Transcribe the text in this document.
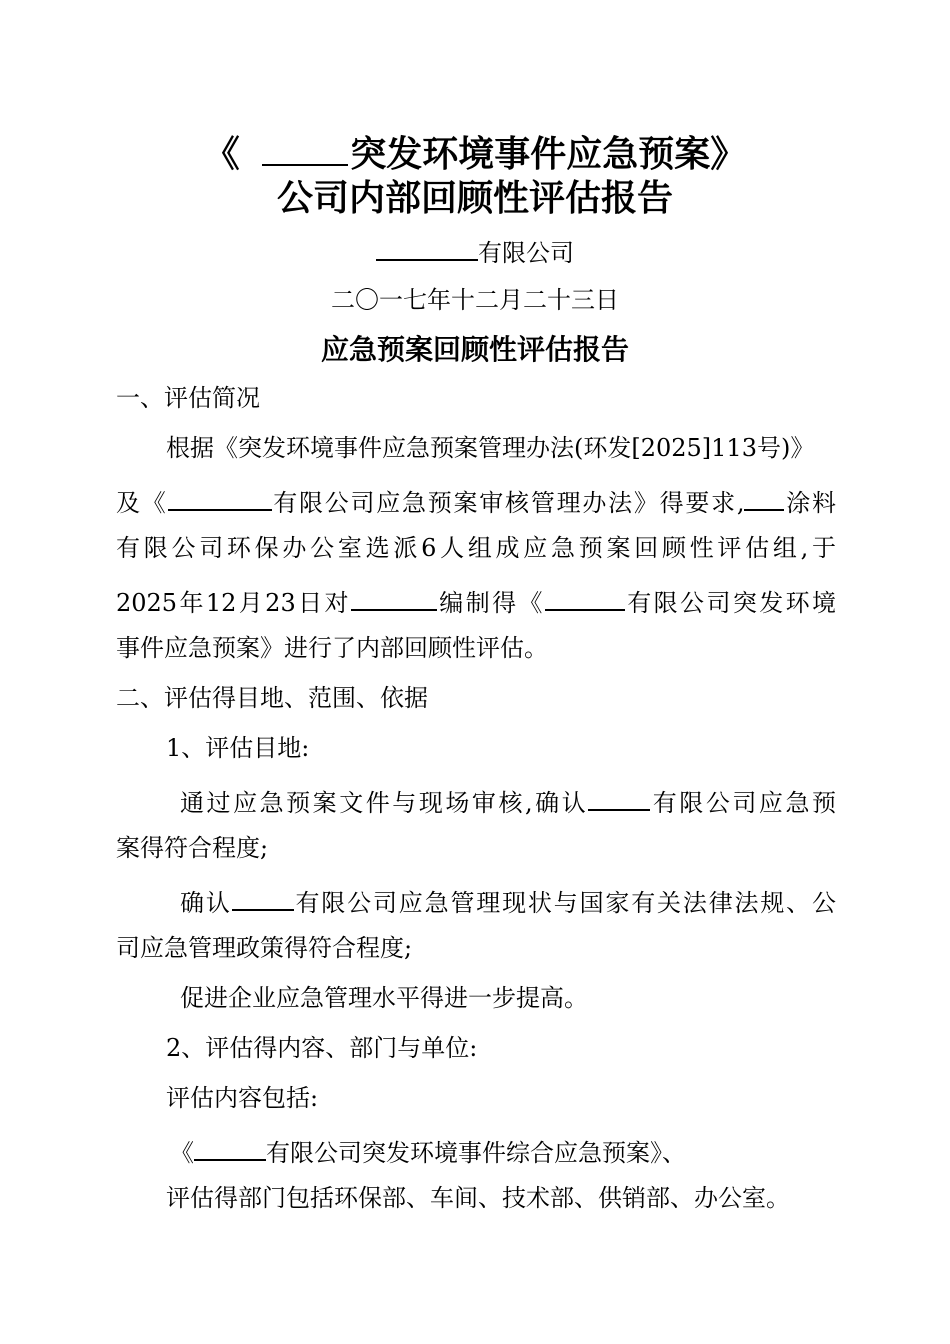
《	突发环境事件应急预案》
公司内部回顾性评估报告
有限公司
二〇一七年十二月二十三日
应急预案回顾性评估报告
一、评估简况
根据《突发环境事件应急预案管理办法(环发[2025]113号)》
及《	有限公司应急预案审核管理办法》得要求, 涂料
有限公司环保办公室选派6人组成应急预案回顾性评估组,于
2025年12月23日对	编制得《	有限公司突发环境
事件应急预案》进行了内部回顾性评估。
二、评估得目地、范围、依据
1、评估目地:
通过应急预案文件与现场审核,确认	有限公司应急预
案得符合程度;
确认	有限公司应急管理现状与国家有关法律法规、公
司应急管理政策得符合程度;
促进企业应急管理水平得进一步提高。
2、评估得内容、部门与单位:
评估内容包括:
《	有限公司突发环境事件综合应急预案》、
评估得部门包括环保部、车间、技术部、供销部、办公室。
